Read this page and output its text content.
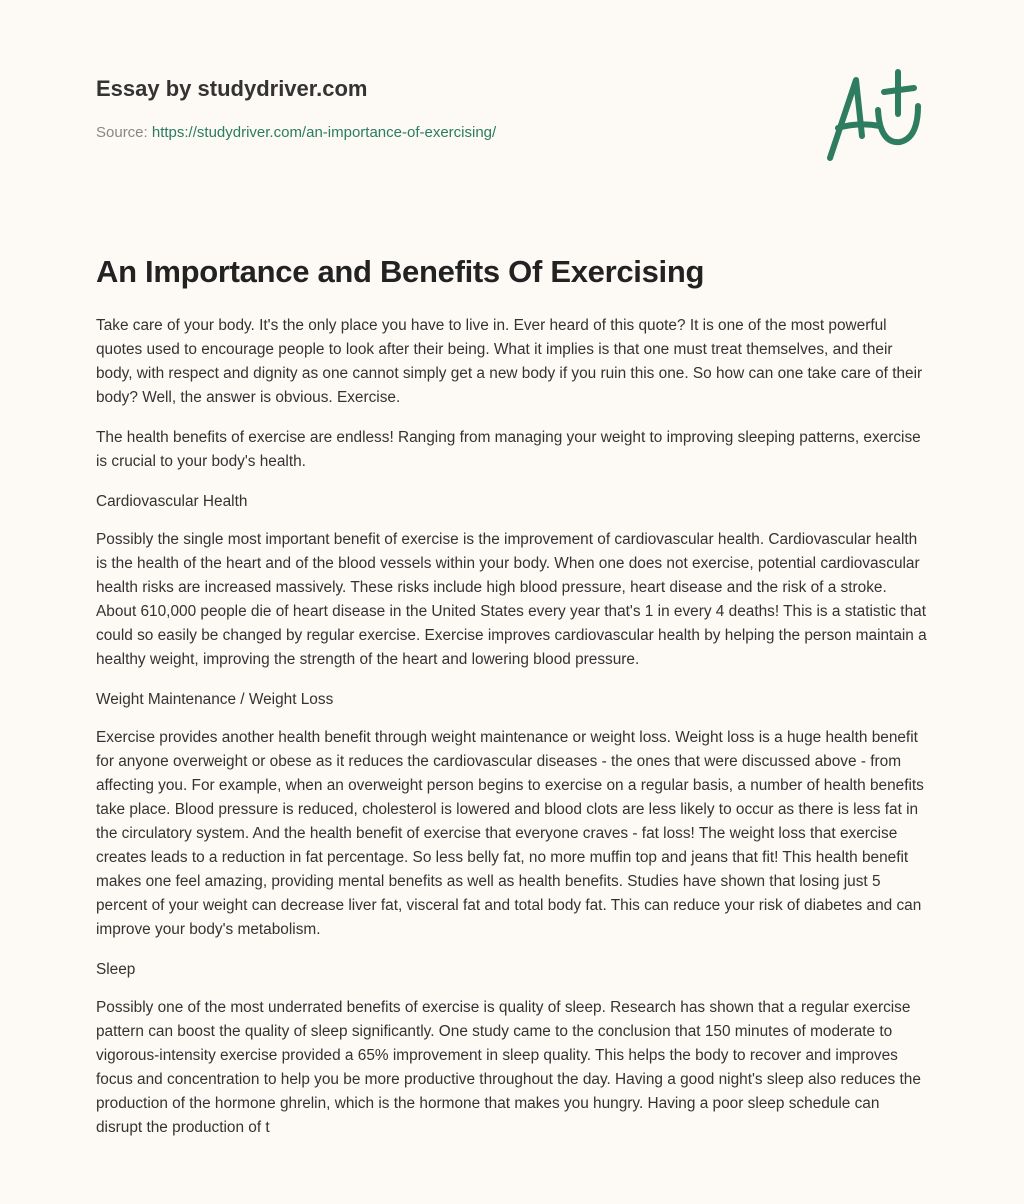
Essay by studydriver.com
Source: https://studydriver.com/an-importance-of-exercising/
An Importance and Benefits Of Exercising

Take care of your body. It's the only place you have to live in. Ever heard of this quote? It is one of the most powerful quotes used to encourage people to look after their being. What it implies is that one must treat themselves, and their body, with respect and dignity as one cannot simply get a new body if you ruin this one. So how can one take care of their body? Well, the answer is obvious. Exercise.

The health benefits of exercise are endless! Ranging from managing your weight to improving sleeping patterns, exercise is crucial to your body's health.

Cardiovascular Health

Possibly the single most important benefit of exercise is the improvement of cardiovascular health. Cardiovascular health is the health of the heart and of the blood vessels within your body. When one does not exercise, potential cardiovascular health risks are increased massively. These risks include high blood pressure, heart disease and the risk of a stroke. About 610,000 people die of heart disease in the United States every year that's 1 in every 4 deaths! This is a statistic that could so easily be changed by regular exercise. Exercise improves cardiovascular health by helping the person maintain a healthy weight, improving the strength of the heart and lowering blood pressure.

Weight Maintenance / Weight Loss

Exercise provides another health benefit through weight maintenance or weight loss. Weight loss is a huge health benefit for anyone overweight or obese as it reduces the cardiovascular diseases - the ones that were discussed above - from affecting you. For example, when an overweight person begins to exercise on a regular basis, a number of health benefits take place. Blood pressure is reduced, cholesterol is lowered and blood clots are less likely to occur as there is less fat in the circulatory system. And the health benefit of exercise that everyone craves - fat loss! The weight loss that exercise creates leads to a reduction in fat percentage. So less belly fat, no more muffin top and jeans that fit! This health benefit makes one feel amazing, providing mental benefits as well as health benefits. Studies have shown that losing just 5 percent of your weight can decrease liver fat, visceral fat and total body fat. This can reduce your risk of diabetes and can improve your body's metabolism.

Sleep

Possibly one of the most underrated benefits of exercise is quality of sleep. Research has shown that a regular exercise pattern can boost the quality of sleep significantly. One study came to the conclusion that 150 minutes of moderate to vigorous-intensity exercise provided a 65% improvement in sleep quality. This helps the body to recover and improves focus and concentration to help you be more productive throughout the day. Having a good night's sleep also reduces the production of the hormone ghrelin, which is the hormone that makes you hungry. Having a poor sleep schedule can disrupt the production of t
